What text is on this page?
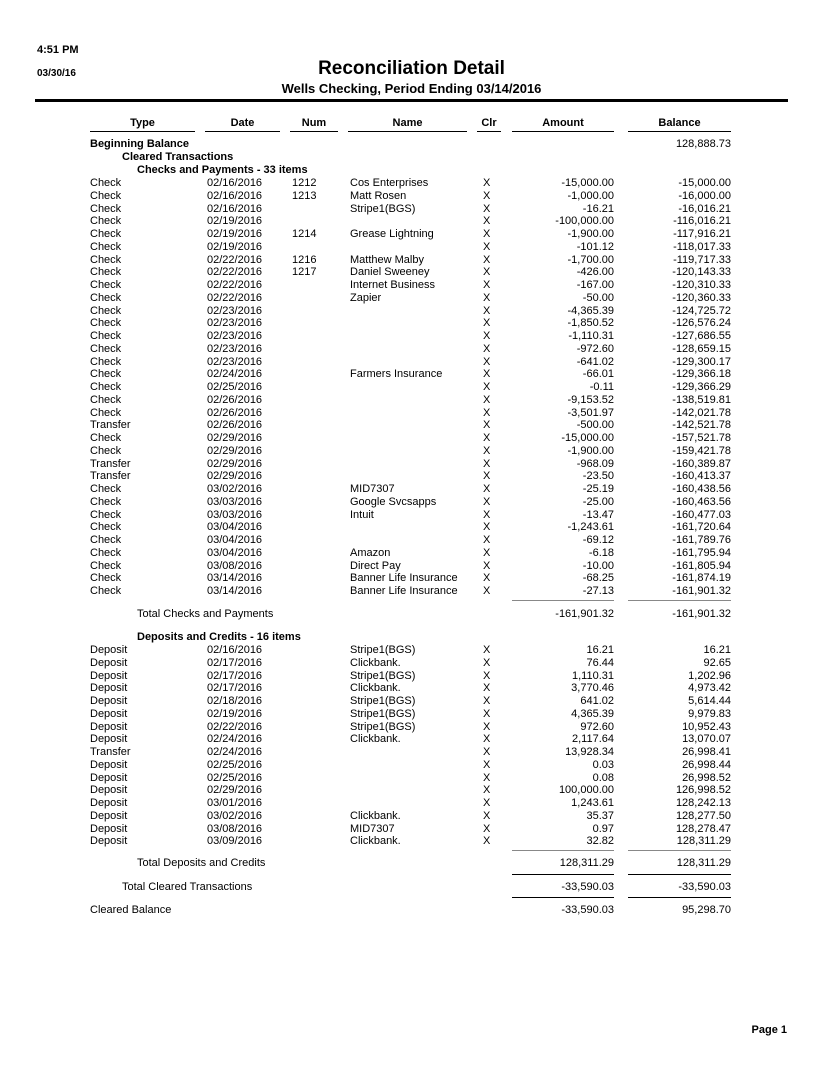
4:51 PM
03/30/16	Reconciliation Detail
Wells Checking, Period Ending 03/14/2016
Type	Date	Num	Name	Clr	Amount	Balance
Beginning Balance	128,888.73
Cleared Transactions
Checks and Payments - 33 items
Check	02/16/2016	1212	Cos Enterprises	X	-15,000.00	-15,000.00
Check	02/16/2016	1213	Matt Rosen	X	-1,000.00	-16,000.00
Check	02/16/2016	Stripe1(BGS)	X	-16.21	-16,016.21
Check	02/19/2016	X	-100,000.00	-116,016.21
Check	02/19/2016	1214	Grease Lightning	X	-1,900.00	-117,916.21
Check	02/19/2016	X	-101.12	-118,017.33
Check	02/22/2016	1216	Matthew Malby	X	-1,700.00	-119,717.33
Check	02/22/2016	1217	Daniel Sweeney	X	-426.00	-120,143.33
Check	02/22/2016	Internet Business	X	-167.00	-120,310.33
Check	02/22/2016	Zapier	X	-50.00	-120,360.33
Check	02/23/2016	X	-4,365.39	-124,725.72
Check	02/23/2016	X	-1,850.52	-126,576.24
Check	02/23/2016	X	-1,110.31	-127,686.55
Check	02/23/2016	X	-972.60	-128,659.15
Check	02/23/2016	X	-641.02	-129,300.17
Check	02/24/2016	Farmers Insurance	X	-66.01	-129,366.18
Check	02/25/2016	X	-0.11	-129,366.29
Check	02/26/2016	X	-9,153.52	-138,519.81
Check	02/26/2016	X	-3,501.97	-142,021.78
Transfer	02/26/2016	X	-500.00	-142,521.78
Check	02/29/2016	X	-15,000.00	-157,521.78
Check	02/29/2016	X	-1,900.00	-159,421.78
Transfer	02/29/2016	X	-968.09	-160,389.87
Transfer	02/29/2016	X	-23.50	-160,413.37
Check	03/02/2016	MID7307	X	-25.19	-160,438.56
Check	03/03/2016	Google Svcsapps	X	-25.00	-160,463.56
Check	03/03/2016	Intuit	X	-13.47	-160,477.03
Check	03/04/2016	X	-1,243.61	-161,720.64
Check	03/04/2016	X	-69.12	-161,789.76
Check	03/04/2016	Amazon	X	-6.18	-161,795.94
Check	03/08/2016	Direct Pay	X	-10.00	-161,805.94
Check	03/14/2016	Banner Life Insurance	X	-68.25	-161,874.19
Check	03/14/2016	Banner Life Insurance	X	-27.13	-161,901.32
Total Checks and Payments	-161,901.32	-161,901.32
Deposits and Credits - 16 items
Deposit	02/16/2016	Stripe1(BGS)	X	16.21	16.21
Deposit	02/17/2016	Clickbank.	X	76.44	92.65
Deposit	02/17/2016	Stripe1(BGS)	X	1,110.31	1,202.96
Deposit	02/17/2016	Clickbank.	X	3,770.46	4,973.42
Deposit	02/18/2016	Stripe1(BGS)	X	641.02	5,614.44
Deposit	02/19/2016	Stripe1(BGS)	X	4,365.39	9,979.83
Deposit	02/22/2016	Stripe1(BGS)	X	972.60	10,952.43
Deposit	02/24/2016	Clickbank.	X	2,117.64	13,070.07
Transfer	02/24/2016	X	13,928.34	26,998.41
Deposit	02/25/2016	X	0.03	26,998.44
Deposit	02/25/2016	X	0.08	26,998.52
Deposit	02/29/2016	X	100,000.00	126,998.52
Deposit	03/01/2016	X	1,243.61	128,242.13
Deposit	03/02/2016	Clickbank.	X	35.37	128,277.50
Deposit	03/08/2016	MID7307	X	0.97	128,278.47
Deposit	03/09/2016	Clickbank.	X	32.82	128,311.29
Total Deposits and Credits	128,311.29	128,311.29
Total Cleared Transactions	-33,590.03	-33,590.03
Cleared Balance	-33,590.03	95,298.70
Page 1
